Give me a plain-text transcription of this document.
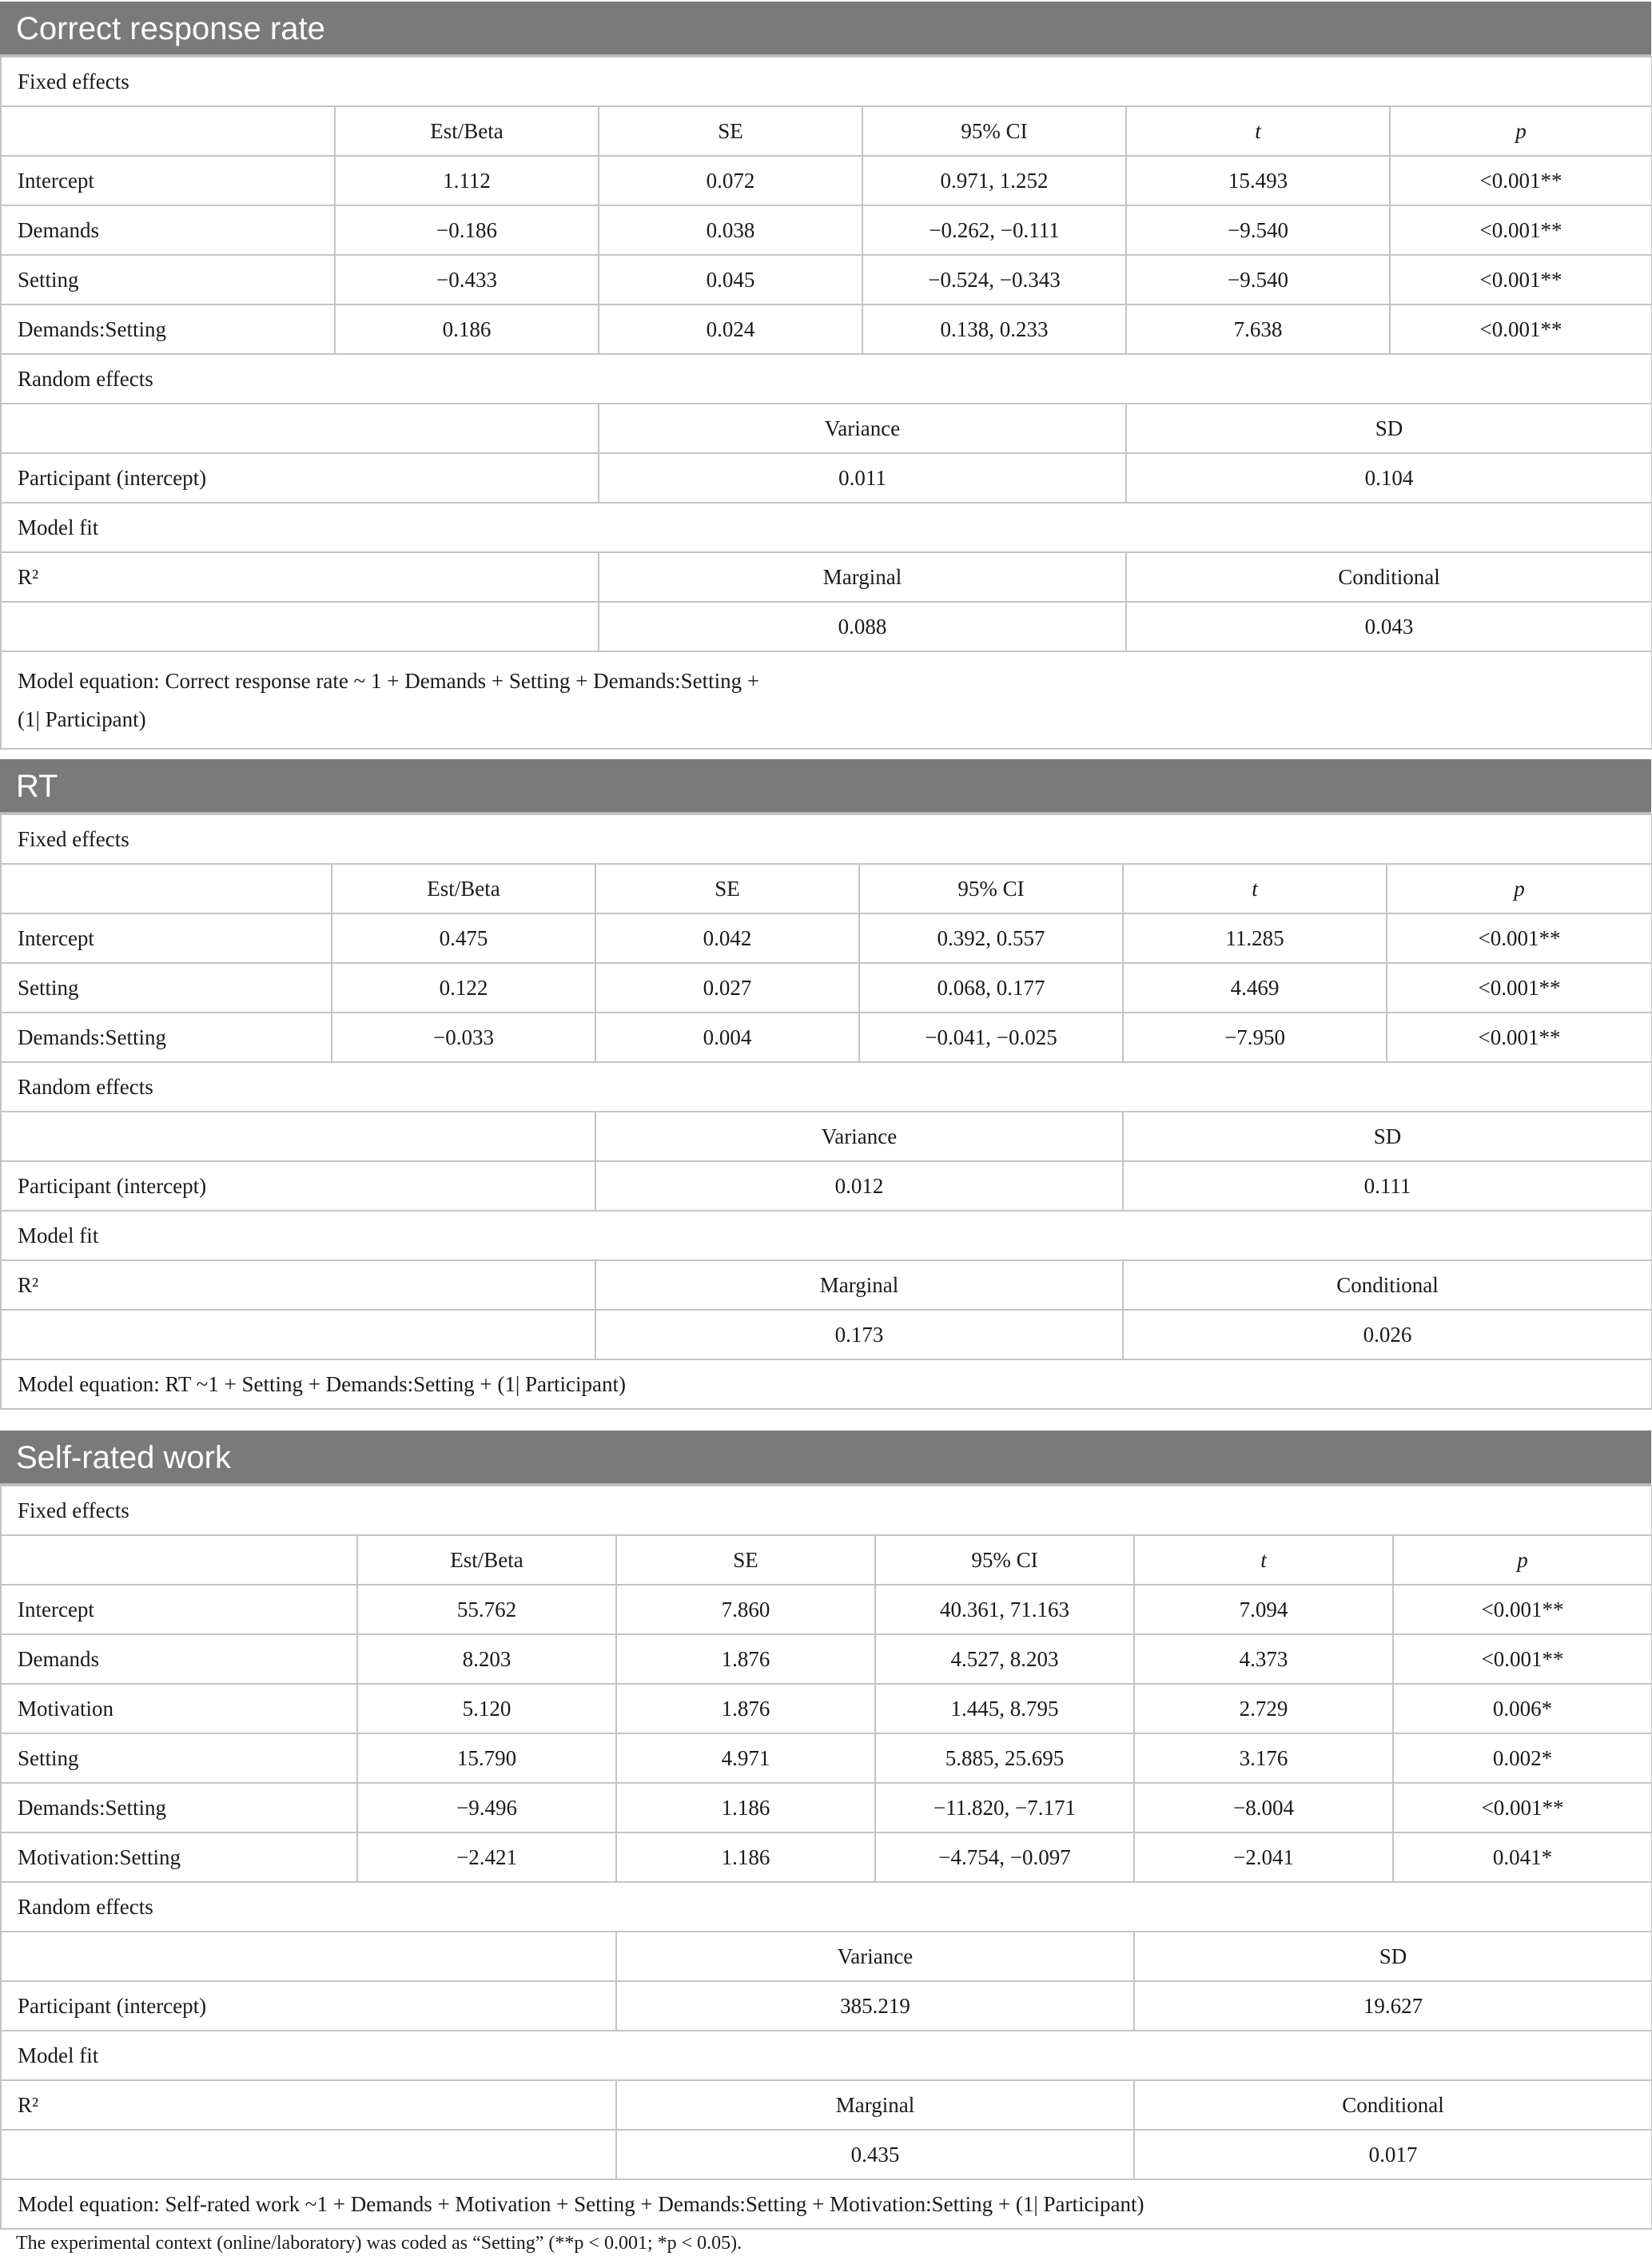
Correct response rate
Fixed effects					
	Est/Beta	SE	95% CI	t	p
Intercept	1.112	0.072	0.971, 1.252	15.493	<0.001**
Demands	−0.186	0.038	−0.262, −0.111	−9.540	<0.001**
Setting	−0.433	0.045	−0.524, −0.343	−9.540	<0.001**
Demands:Setting	0.186	0.024	0.138, 0.233	7.638	<0.001**
Random effects					
		Variance		SD	
Participant (intercept)		0.011		0.104	
Model fit					
R²		Marginal		Conditional	
		0.088		0.043	
Model equation: Correct response rate ~ 1 + Demands + Setting + Demands:Setting +
(1| Participant)					
RT
Fixed effects					
	Est/Beta	SE	95% CI	t	p
Intercept	0.475	0.042	0.392, 0.557	11.285	<0.001**
Setting	0.122	0.027	0.068, 0.177	4.469	<0.001**
Demands:Setting	−0.033	0.004	−0.041, −0.025	−7.950	<0.001**
Random effects					
		Variance		SD	
Participant (intercept)		0.012		0.111	
Model fit					
R²		Marginal		Conditional	
		0.173		0.026	
Model equation: RT ~1 + Setting + Demands:Setting + (1| Participant)					
Self-rated work
Fixed effects					
	Est/Beta	SE	95% CI	t	p
Intercept	55.762	7.860	40.361, 71.163	7.094	<0.001**
Demands	8.203	1.876	4.527, 8.203	4.373	<0.001**
Motivation	5.120	1.876	1.445, 8.795	2.729	0.006*
Setting	15.790	4.971	5.885, 25.695	3.176	0.002*
Demands:Setting	−9.496	1.186	−11.820, −7.171	−8.004	<0.001**
Motivation:Setting	−2.421	1.186	−4.754, −0.097	−2.041	0.041*
Random effects					
		Variance		SD	
Participant (intercept)		385.219		19.627	
Model fit					
R²		Marginal		Conditional	
		0.435		0.017	
Model equation: Self-rated work ~1 + Demands + Motivation + Setting + Demands:Setting + Motivation:Setting + (1| Participant)					
The experimental context (online/laboratory) was coded as “Setting” (**p < 0.001; *p < 0.05).
